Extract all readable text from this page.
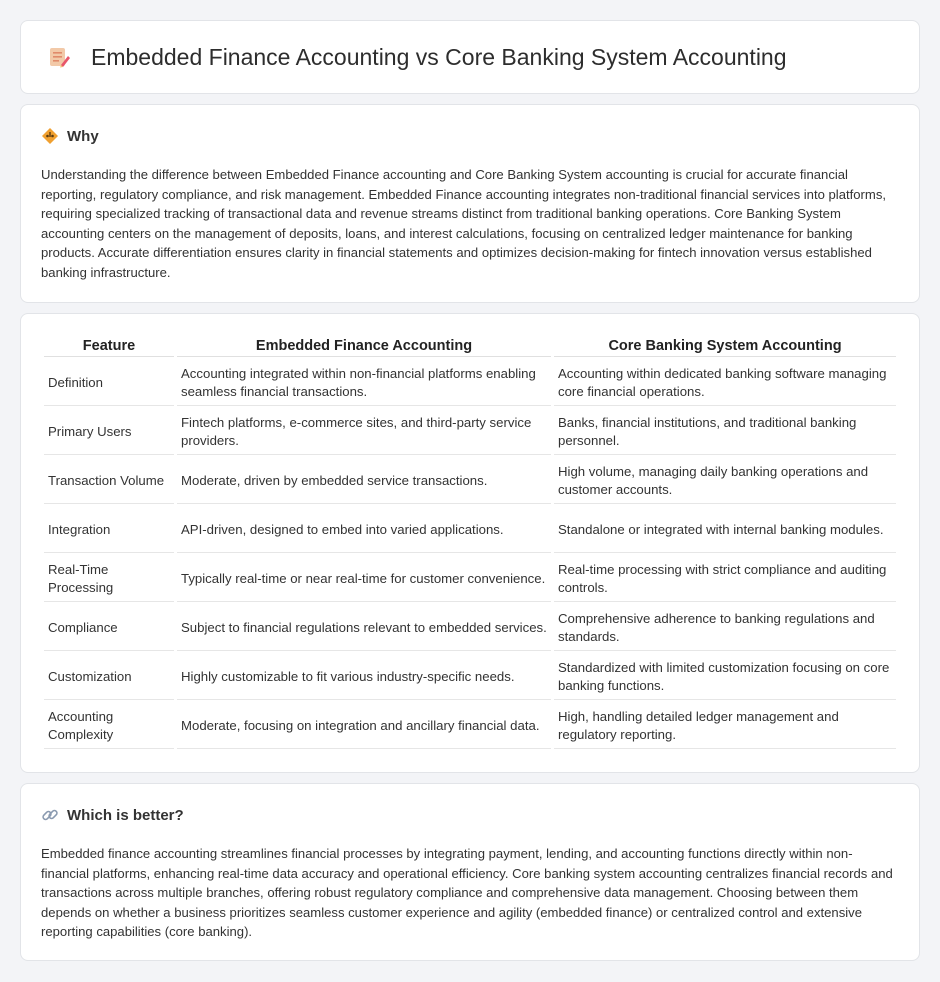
Embedded Finance Accounting vs Core Banking System Accounting
Why

Understanding the difference between Embedded Finance accounting and Core Banking System accounting is crucial for accurate financial reporting, regulatory compliance, and risk management. Embedded Finance accounting integrates non-traditional financial services into platforms, requiring specialized tracking of transactional data and revenue streams distinct from traditional banking operations. Core Banking System accounting centers on the management of deposits, loans, and interest calculations, focusing on centralized ledger maintenance for banking products. Accurate differentiation ensures clarity in financial statements and optimizes decision-making for fintech innovation versus established banking infrastructure.

Feature	Embedded Finance Accounting	Core Banking System Accounting
Definition	Accounting integrated within non-financial platforms enabling seamless financial transactions.	Accounting within dedicated banking software managing core financial operations.
Primary Users	Fintech platforms, e-commerce sites, and third-party service providers.	Banks, financial institutions, and traditional banking personnel.
Transaction Volume	Moderate, driven by embedded service transactions.	High volume, managing daily banking operations and customer accounts.
Integration	API-driven, designed to embed into varied applications.	Standalone or integrated with internal banking modules.
Real-Time Processing	Typically real-time or near real-time for customer convenience.	Real-time processing with strict compliance and auditing controls.
Compliance	Subject to financial regulations relevant to embedded services.	Comprehensive adherence to banking regulations and standards.
Customization	Highly customizable to fit various industry-specific needs.	Standardized with limited customization focusing on core banking functions.
Accounting Complexity	Moderate, focusing on integration and ancillary financial data.	High, handling detailed ledger management and regulatory reporting.
Which is better?

Embedded finance accounting streamlines financial processes by integrating payment, lending, and accounting functions directly within non-financial platforms, enhancing real-time data accuracy and operational efficiency. Core banking system accounting centralizes financial records and transactions across multiple branches, offering robust regulatory compliance and comprehensive data management. Choosing between them depends on whether a business prioritizes seamless customer experience and agility (embedded finance) or centralized control and extensive reporting capabilities (core banking).
